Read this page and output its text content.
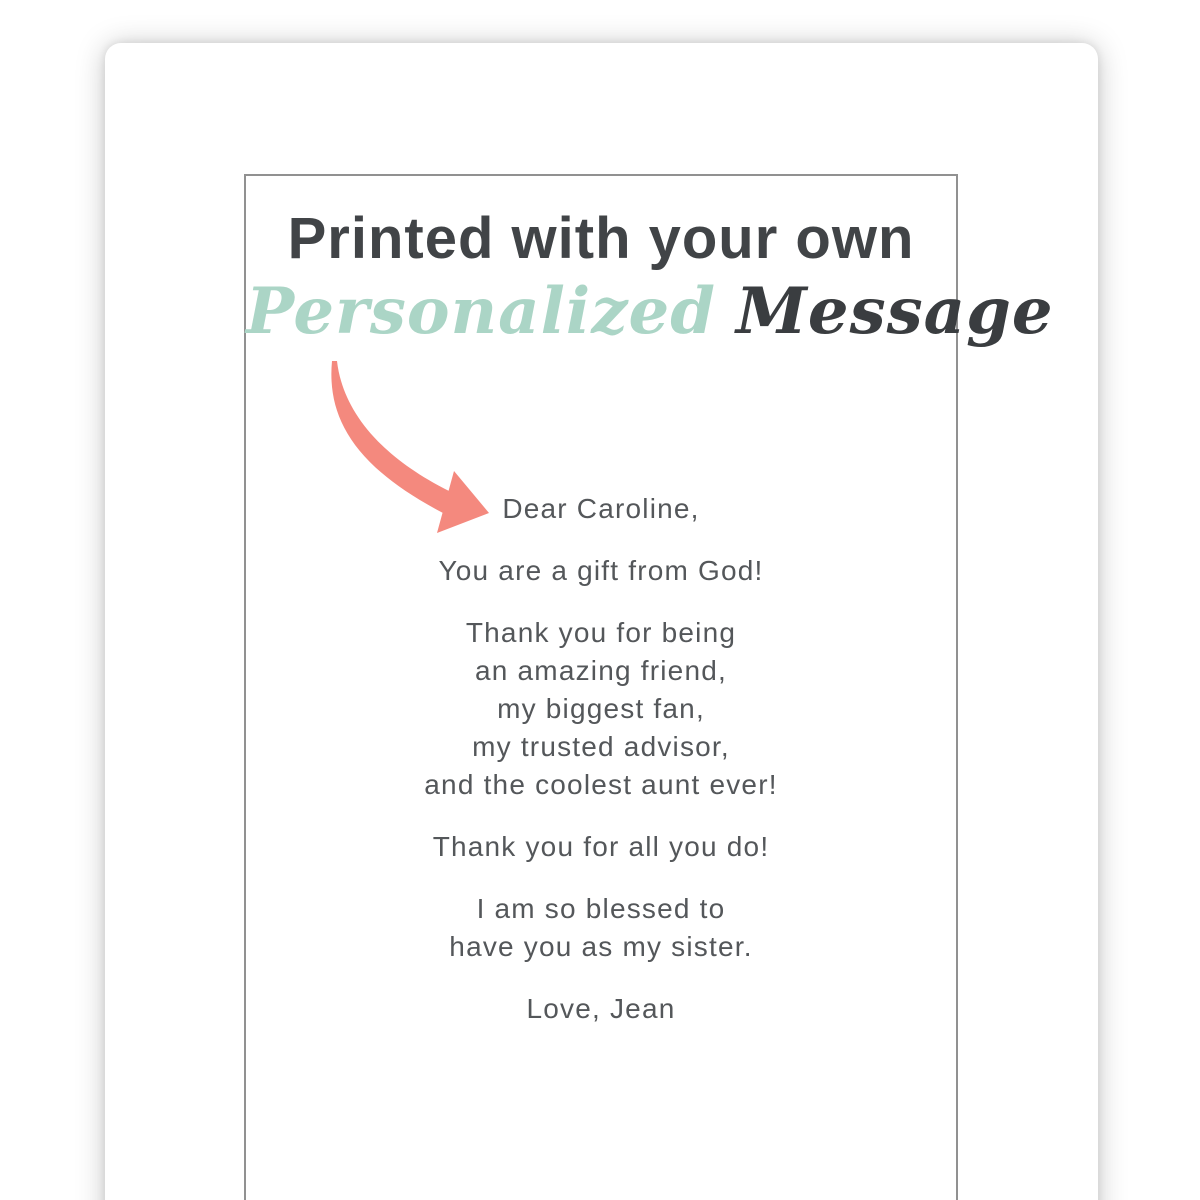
Printed with your own

Personalized Message

Dear Caroline,

You are a gift from God!

Thank you for being
an amazing friend,
my biggest fan,
my trusted advisor,
and the coolest aunt ever!

Thank you for all you do!

I am so blessed to
have you as my sister.

Love, Jean
